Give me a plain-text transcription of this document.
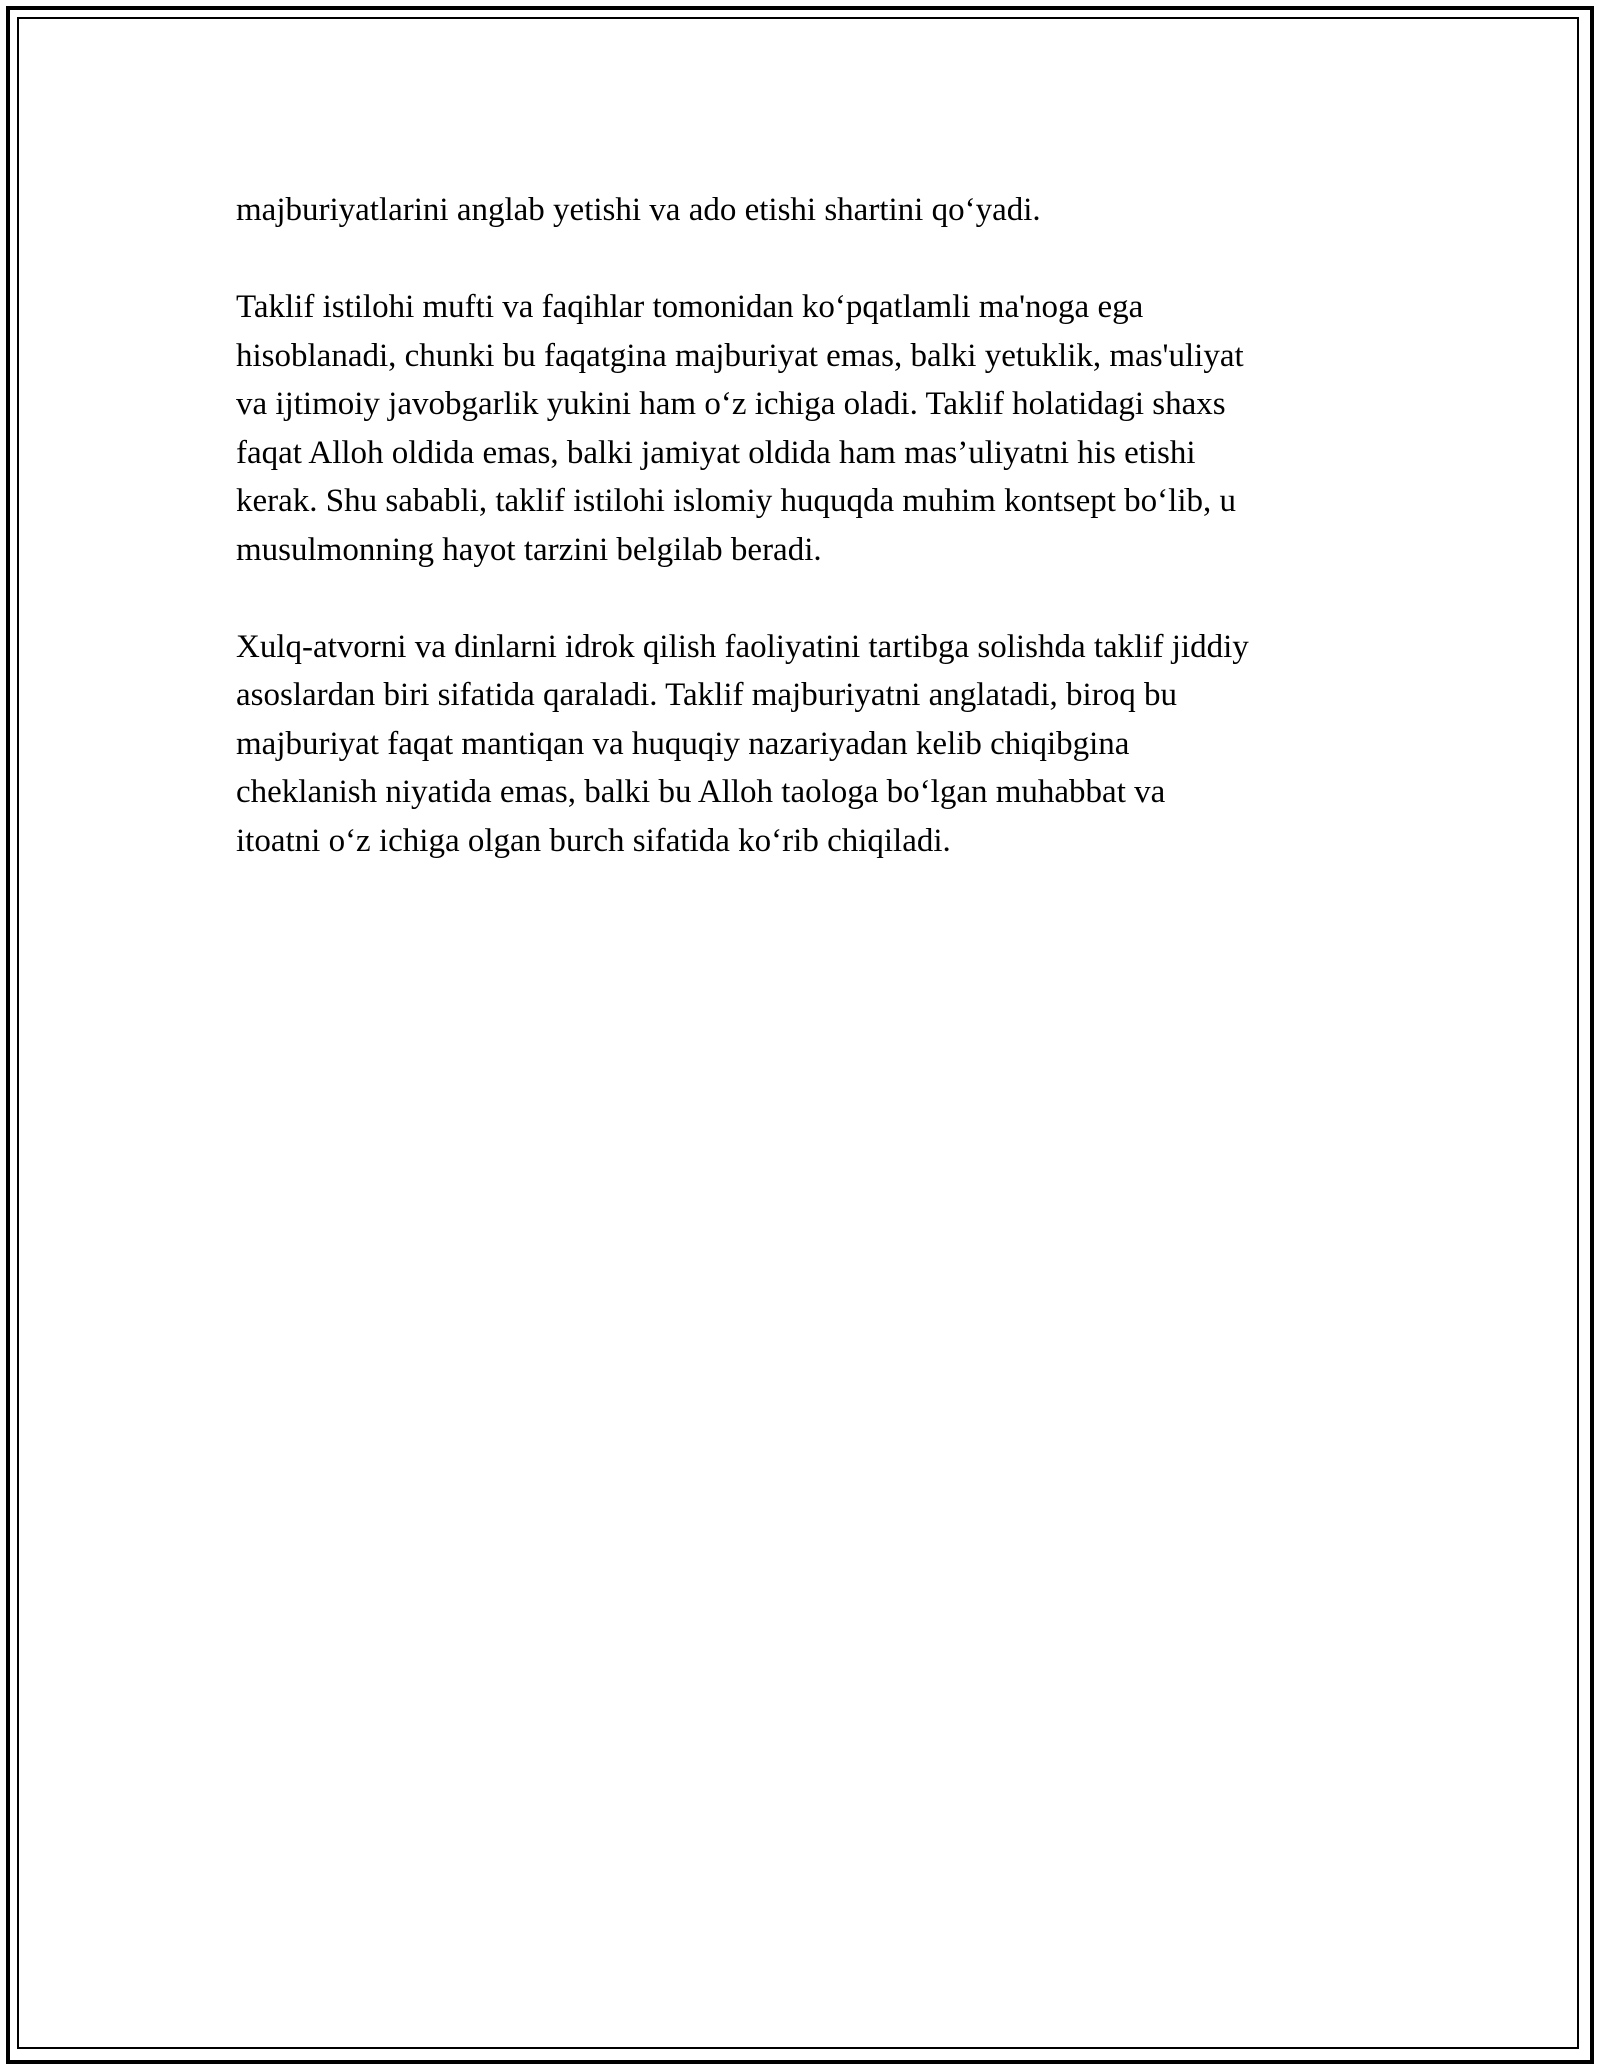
majburiyatlarini anglab yetishi va ado etishi shartini qo‘yadi.

Taklif istilohi mufti va faqihlar tomonidan ko‘pqatlamli ma'noga ega
hisoblanadi, chunki bu faqatgina majburiyat emas, balki yetuklik, mas'uliyat
va ijtimoiy javobgarlik yukini ham o‘z ichiga oladi. Taklif holatidagi shaxs
faqat Alloh oldida emas, balki jamiyat oldida ham mas’uliyatni his etishi
kerak. Shu sababli, taklif istilohi islomiy huquqda muhim kontsept bo‘lib, u
musulmonning hayot tarzini belgilab beradi.

Xulq-atvorni va dinlarni idrok qilish faoliyatini tartibga solishda taklif jiddiy
asoslardan biri sifatida qaraladi. Taklif majburiyatni anglatadi, biroq bu
majburiyat faqat mantiqan va huquqiy nazariyadan kelib chiqibgina
cheklanish niyatida emas, balki bu Alloh taologa bo‘lgan muhabbat va
itoatni o‘z ichiga olgan burch sifatida ko‘rib chiqiladi.
